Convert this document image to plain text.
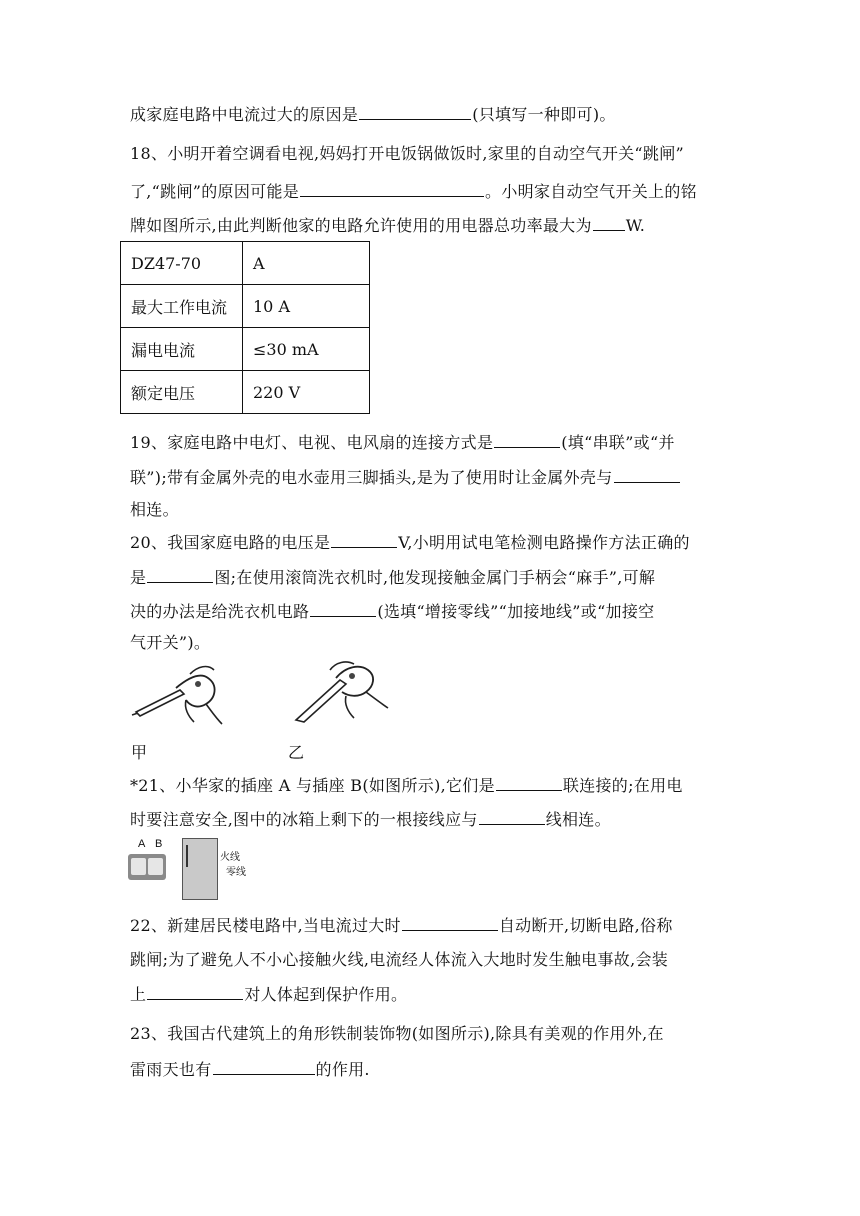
成家庭电路中电流过大的原因是	(只填写一种即可)。
18、小明开着空调看电视,妈妈打开电饭锅做饭时,家里的自动空气开关“跳闸”
了,“跳闸”的原因可能是	。小明家自动空气开关上的铭
牌如图所示,由此判断他家的电路允许使用的用电器总功率最大为 W.
DZ47-70	A
最大工作电流	10 A
漏电电流	≤30 mA
额定电压	220 V
19、家庭电路中电灯、电视、电风扇的连接方式是	(填“串联”或“并
联”);带有金属外壳的电水壶用三脚插头,是为了使用时让金属外壳与
相连。
20、我国家庭电路的电压是	V,小明用试电笔检测电路操作方法正确的
是	图;在使用滚筒洗衣机时,他发现接触金属门手柄会“麻手”,可解
决的办法是给洗衣机电路	(选填“增接零线”“加接地线”或“加接空
气开关”)。
甲	乙
*21、小华家的插座 A 与插座 B(如图所示),它们是	联连接的;在用电
时要注意安全,图中的冰箱上剩下的一根接线应与	线相连。
A B
火线
零线
22、新建居民楼电路中,当电流过大时	自动断开,切断电路,俗称
跳闸;为了避免人不小心接触火线,电流经人体流入大地时发生触电事故,会装
上	对人体起到保护作用。
23、我国古代建筑上的角形铁制装饰物(如图所示),除具有美观的作用外,在
雷雨天也有	的作用.
